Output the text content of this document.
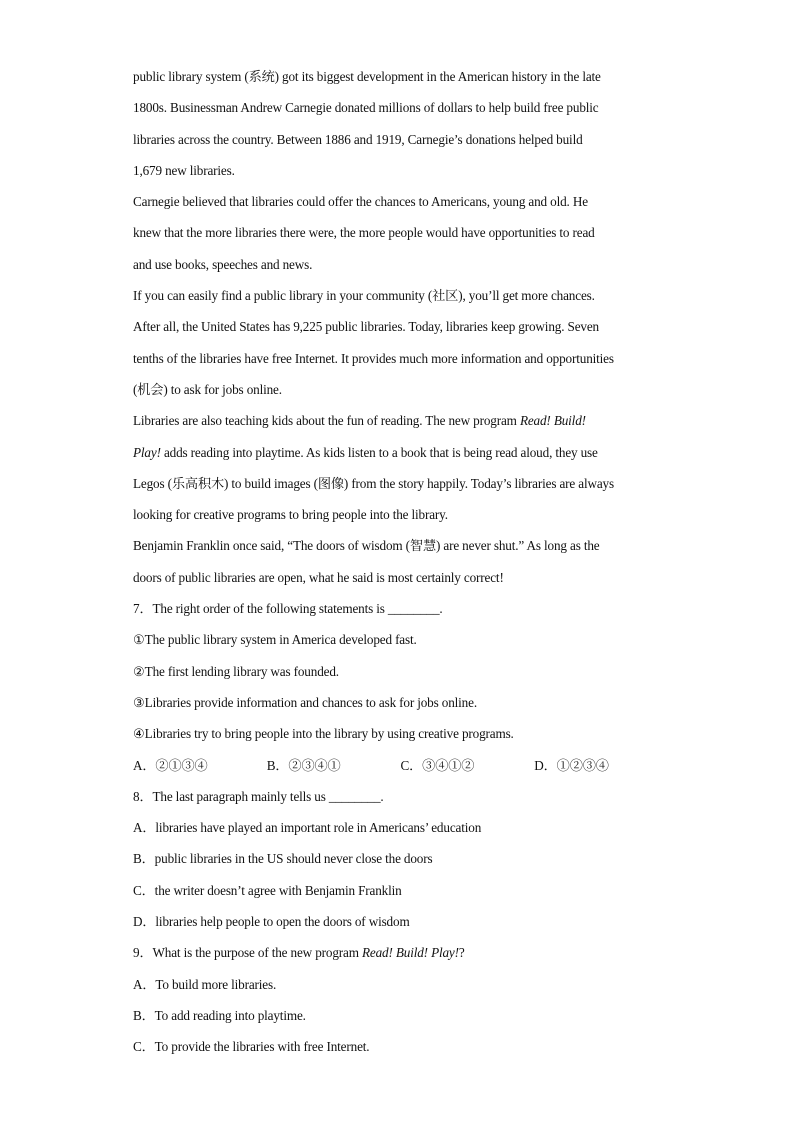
public library system (系统) got its biggest development in the American history in the late
1800s. Businessman Andrew Carnegie donated millions of dollars to help build free public
libraries across the country. Between 1886 and 1919, Carnegie’s donations helped build
1,679 new libraries.
Carnegie believed that libraries could offer the chances to Americans, young and old. He
knew that the more libraries there were, the more people would have opportunities to read
and use books, speeches and news.
If you can easily find a public library in your community (社区), you’ll get more chances.
After all, the United States has 9,225 public libraries. Today, libraries keep growing. Seven
tenths of the libraries have free Internet. It provides much more information and opportunities
(机会) to ask for jobs online.
Libraries are also teaching kids about the fun of reading. The new program Read! Build!
Play! adds reading into playtime. As kids listen to a book that is being read aloud, they use
Legos (乐高积木) to build images (图像) from the story happily. Today’s libraries are always
looking for creative programs to bring people into the library.
Benjamin Franklin once said, “The doors of wisdom (智慧) are never shut.” As long as the
doors of public libraries are open, what he said is most certainly correct!
7．The right order of the following statements is ________.
①The public library system in America developed fast.
②The first lending library was founded.
③Libraries provide information and chances to ask for jobs online.
④Libraries try to bring people into the library by using creative programs.
A．②①③④	B．②③④①	C．③④①②	D．①②③④
8．The last paragraph mainly tells us ________.
A．libraries have played an important role in Americans’ education
B．public libraries in the US should never close the doors
C．the writer doesn’t agree with Benjamin Franklin
D．libraries help people to open the doors of wisdom
9．What is the purpose of the new program Read! Build! Play!?
A．To build more libraries.
B．To add reading into playtime.
C．To provide the libraries with free Internet.
